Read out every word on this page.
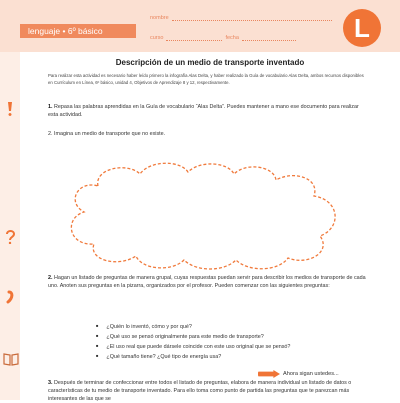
lenguaje • 6º básico
nombre
curso	fecha	L
Descripción de un medio de transporte inventado
Para realizar esta actividad es necesario haber leído primero la infografía Alas Delta, y haber realizado la Guía de vocabulario Alas Delta, ambos recursos disponibles en Currículum en Línea, 6º básico, unidad 4, Objetivos de Aprendizaje 8 y 12, respectivamente.
1. Repasa las palabras aprendidas en la Guía de vocabulario “Alas Delta”. Puedes mantener a mano ese documento para realizar esta actividad.
2. Imagina un medio de transporte que no existe.
2. Hagan un listado de preguntas de manera grupal, cuyas respuestas puedan servir para describir los medios de transporte de cada uno. Anoten sus preguntas en la pizarra, organizados por el profesor. Pueden comenzar con las siguientes preguntas:
■ ¿Quién lo inventó, cómo y por qué?
■ ¿Qué uso se pensó originalmente para este medio de transporte?
■ ¿El uso real que puede dársele coincide con este uso original que se pensó?
■ ¿Qué tamaño tiene? ¿Qué tipo de energía usa?
Ahora sigan ustedes...
3. Después de terminar de confeccionar entre todos el listado de preguntas, elabora de manera individual un listado de datos o características de tu medio de transporte inventado. Para ello toma como punto de partida las preguntas que te parezcan más interesantes de las que se
